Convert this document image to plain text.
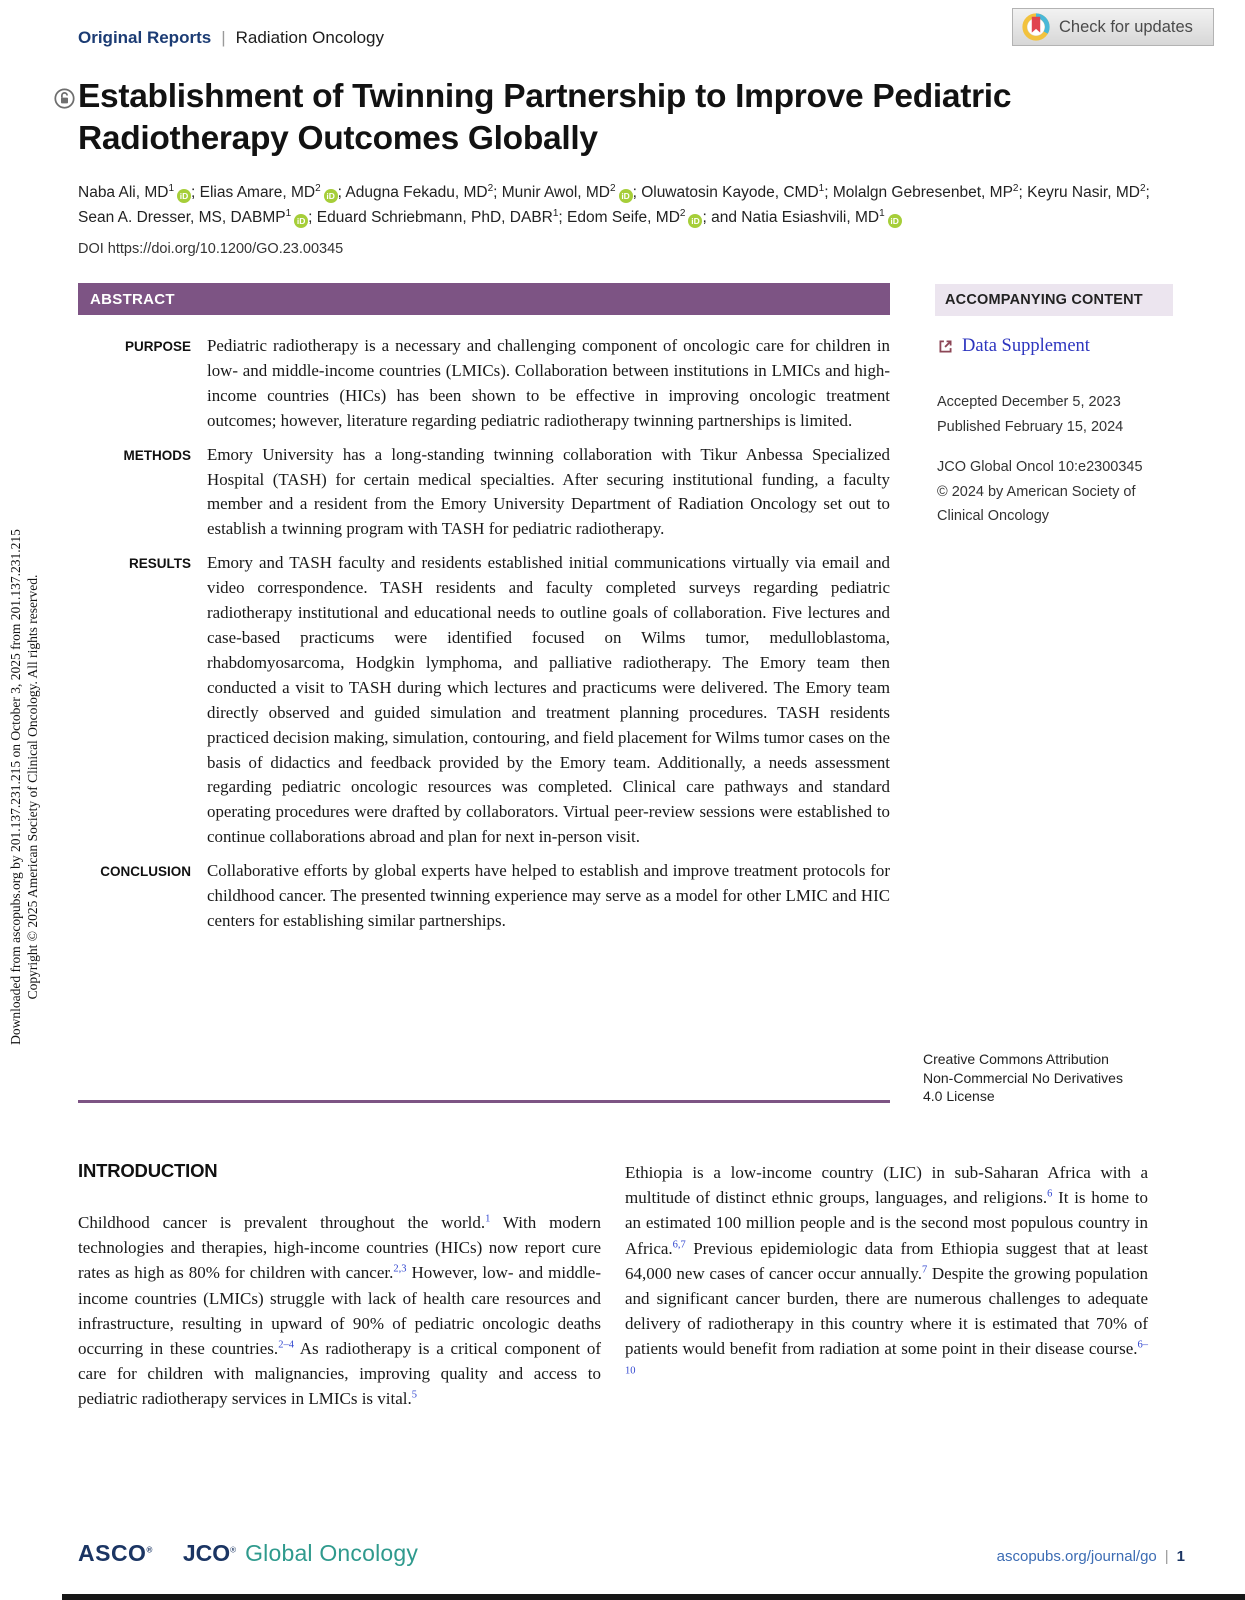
Downloaded from ascopubs.org by 201.137.231.215 on October 3, 2025 from 201.137.231.215 Copyright © 2025 American Society of Clinical Oncology. All rights reserved.
Original Reports | Radiation Oncology
Check for updates
Establishment of Twinning Partnership to Improve Pediatric Radiotherapy Outcomes Globally
Naba Ali, $MD^1iD$ ; Elias Amare, $MD^2iD$ ; Adugna Fekadu, $MD^2$; Munir Awol, $MD^2iD$ ; Oluwatosin Kayode, CMD$^1$; Molalgn Gebresenbet, $MP^2$; Keyru Nasir, $MD^2$; Sean A. Dresser, MS, DABMP$^1$iD ; Eduard Schriebmann, PhD, DABR$^1$; Edom Seife, $MD^2iD$ ; and Natia Esiashvili, $MD^1iD$
DOI https://doi.org/10.1200/GO.23.00345
ABSTRACT
PURPOSE Pediatric radiotherapy is a necessary and challenging component of oncologic care for children in low- and middle-income countries (LMICs). Collaboration between institutions in LMICs and high-income countries (HICs) has been shown to be effective in improving oncologic treatment outcomes; however, literature regarding pediatric radiotherapy twinning partnerships is limited.
METHODS Emory University has a long-standing twinning collaboration with Tikur Anbessa Specialized Hospital (TASH) for certain medical specialties. After securing institutional funding, a faculty member and a resident from the Emory University Department of Radiation Oncology set out to establish a twinning program with TASH for pediatric radiotherapy.
RESULTS Emory and TASH faculty and residents established initial communications virtually via email and video correspondence. TASH residents and faculty completed surveys regarding pediatric radiotherapy institutional and educational needs to outline goals of collaboration. Five lectures and case-based practicums were identified focused on Wilms tumor, medulloblastoma, rhabdomyosarcoma, Hodgkin lymphoma, and palliative radiotherapy. The Emory team then conducted a visit to TASH during which lectures and practicums were delivered. The Emory team directly observed and guided simulation and treatment planning procedures. TASH residents practiced decision making, simulation, contouring, and field placement for Wilms tumor cases on the basis of didactics and feedback provided by the Emory team. Additionally, a needs assessment regarding pediatric oncologic resources was completed. Clinical care pathways and standard operating procedures were drafted by collaborators. Virtual peer-review sessions were established to continue collaborations abroad and plan for next in-person visit.
CONCLUSION Collaborative efforts by global experts have helped to establish and improve treatment protocols for childhood cancer. The presented twinning experience may serve as a model for other LMIC and HIC centers for establishing similar partnerships.
ACCOMPANYING CONTENT
Data Supplement
Accepted December 5, 2023
Published February 15, 2024
JCO Global Oncol 10:e2300345
© 2024 by American Society of
Clinical Oncology
Creative Commons Attribution
Non-Commercial No Derivatives
4.0 License
INTRODUCTION
Childhood cancer is prevalent throughout the world.$^1$ With modern technologies and therapies, high-income countries (HICs) now report cure rates as high as 80% for children with cancer.$^{2,3}$ However, low- and middle-income countries (LMICs) struggle with lack of health care resources and infrastructure, resulting in upward of 90% of pediatric oncologic deaths occurring in these countries.$^{2-4}$ As radiotherapy is a critical component of care for children with malignancies, improving quality and access to pediatric radiotherapy services in LMICs is vital.$^5$
Ethiopia is a low-income country (LIC) in sub-Saharan Africa with a multitude of distinct ethnic groups, languages, and religions.$^6$ It is home to an estimated 100 million people and is the second most populous country in Africa.$^{6,7}$ Previous epidemiologic data from Ethiopia suggest that at least 64,000 new cases of cancer occur annually.$^7$ Despite the growing population and significant cancer burden, there are numerous challenges to adequate delivery of radiotherapy in this country where it is estimated that 70% of patients would benefit from radiation at some point in their disease course.$^{6-10}$
ASCO® JCO® Global Oncology	ascopubs.org/journal/go | 1
